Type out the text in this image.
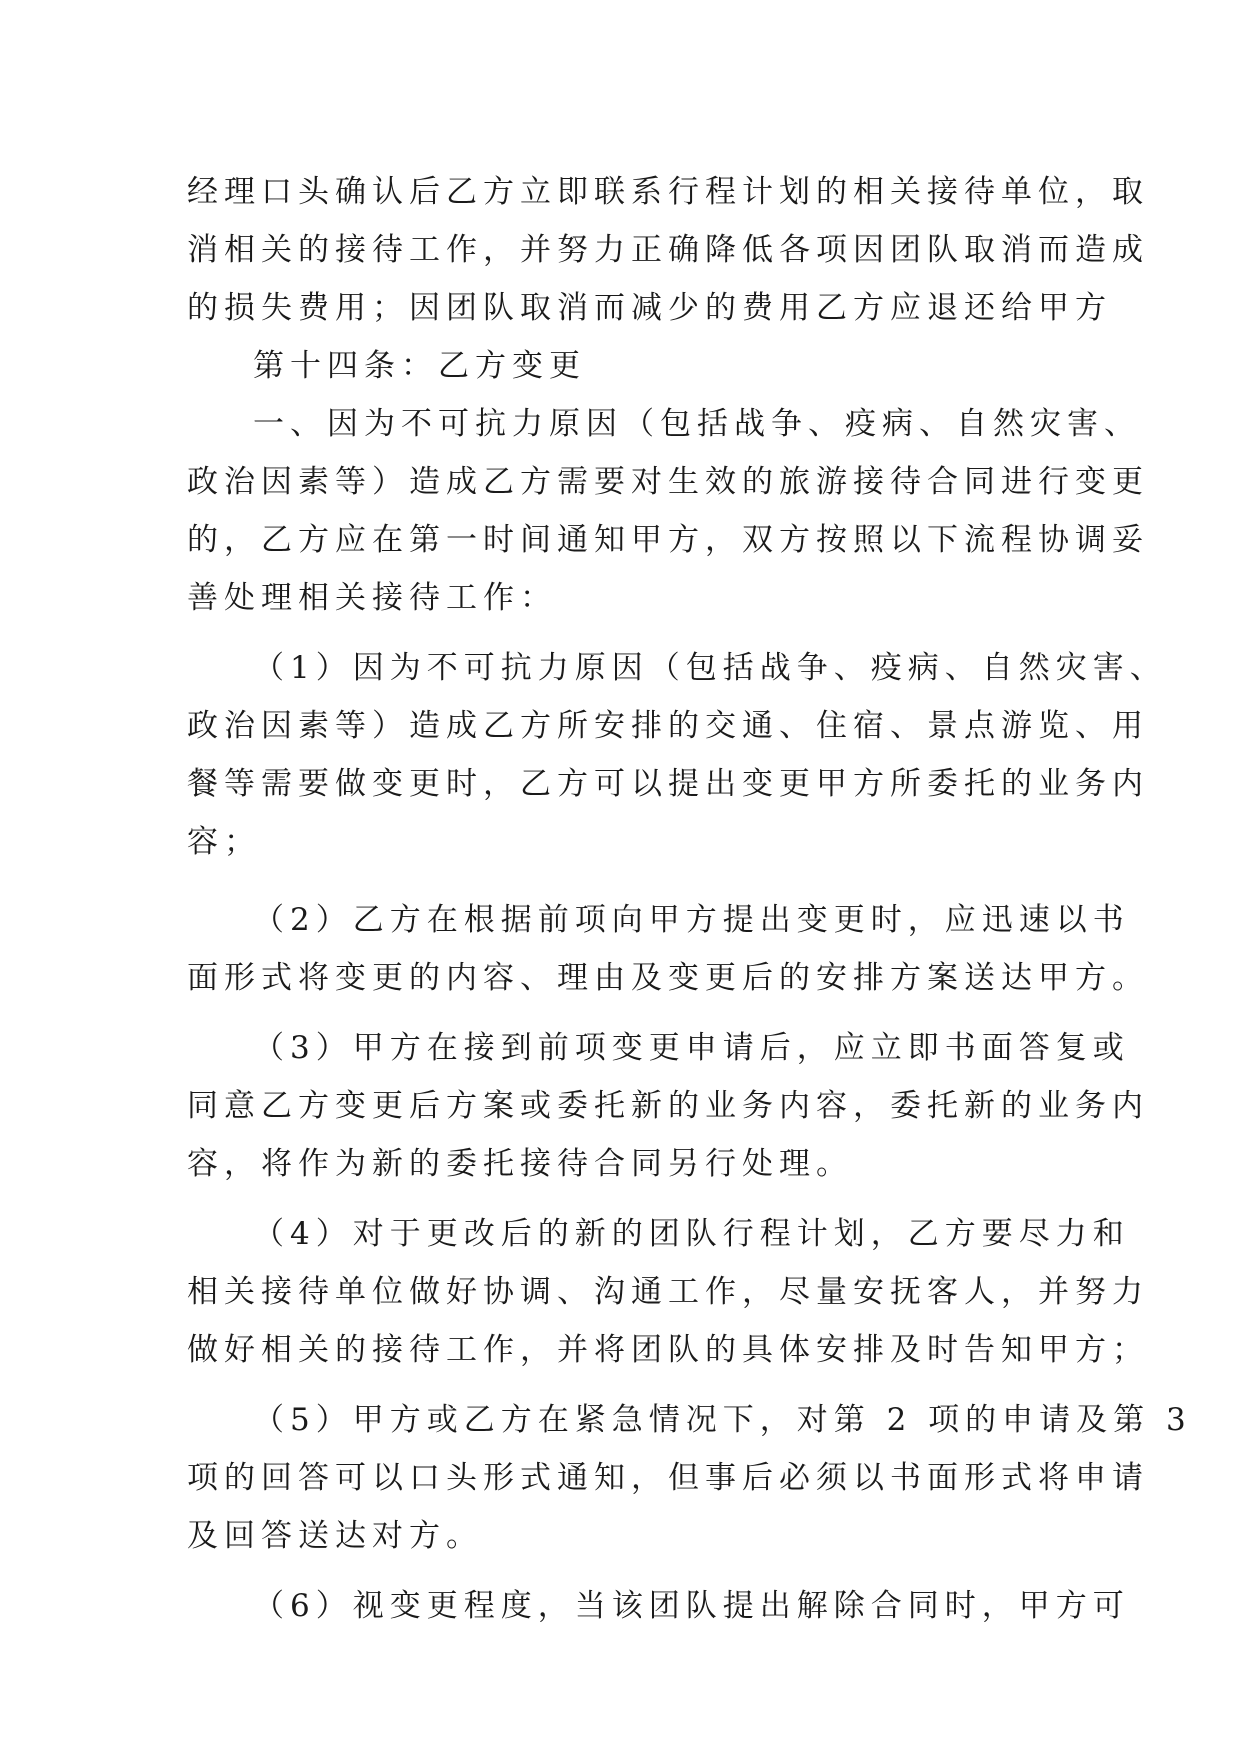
经理口头确认后乙方立即联系行程计划的相关接待单位，取
消相关的接待工作，并努力正确降低各项因团队取消而造成
的损失费用；因团队取消而减少的费用乙方应退还给甲方
第十四条：乙方变更
一、因为不可抗力原因（包括战争、疫病、自然灾害、
政治因素等）造成乙方需要对生效的旅游接待合同进行变更
的，乙方应在第一时间通知甲方，双方按照以下流程协调妥
善处理相关接待工作：
（1）因为不可抗力原因（包括战争、疫病、自然灾害、
政治因素等）造成乙方所安排的交通、住宿、景点游览、用
餐等需要做变更时，乙方可以提出变更甲方所委托的业务内
容；
（2）乙方在根据前项向甲方提出变更时，应迅速以书
面形式将变更的内容、理由及变更后的安排方案送达甲方。
（3）甲方在接到前项变更申请后，应立即书面答复或
同意乙方变更后方案或委托新的业务内容，委托新的业务内
容，将作为新的委托接待合同另行处理。
（4）对于更改后的新的团队行程计划，乙方要尽力和
相关接待单位做好协调、沟通工作，尽量安抚客人，并努力
做好相关的接待工作，并将团队的具体安排及时告知甲方；
（5）甲方或乙方在紧急情况下，对第 2 项的申请及第 3
项的回答可以口头形式通知，但事后必须以书面形式将申请
及回答送达对方。
（6）视变更程度，当该团队提出解除合同时，甲方可
